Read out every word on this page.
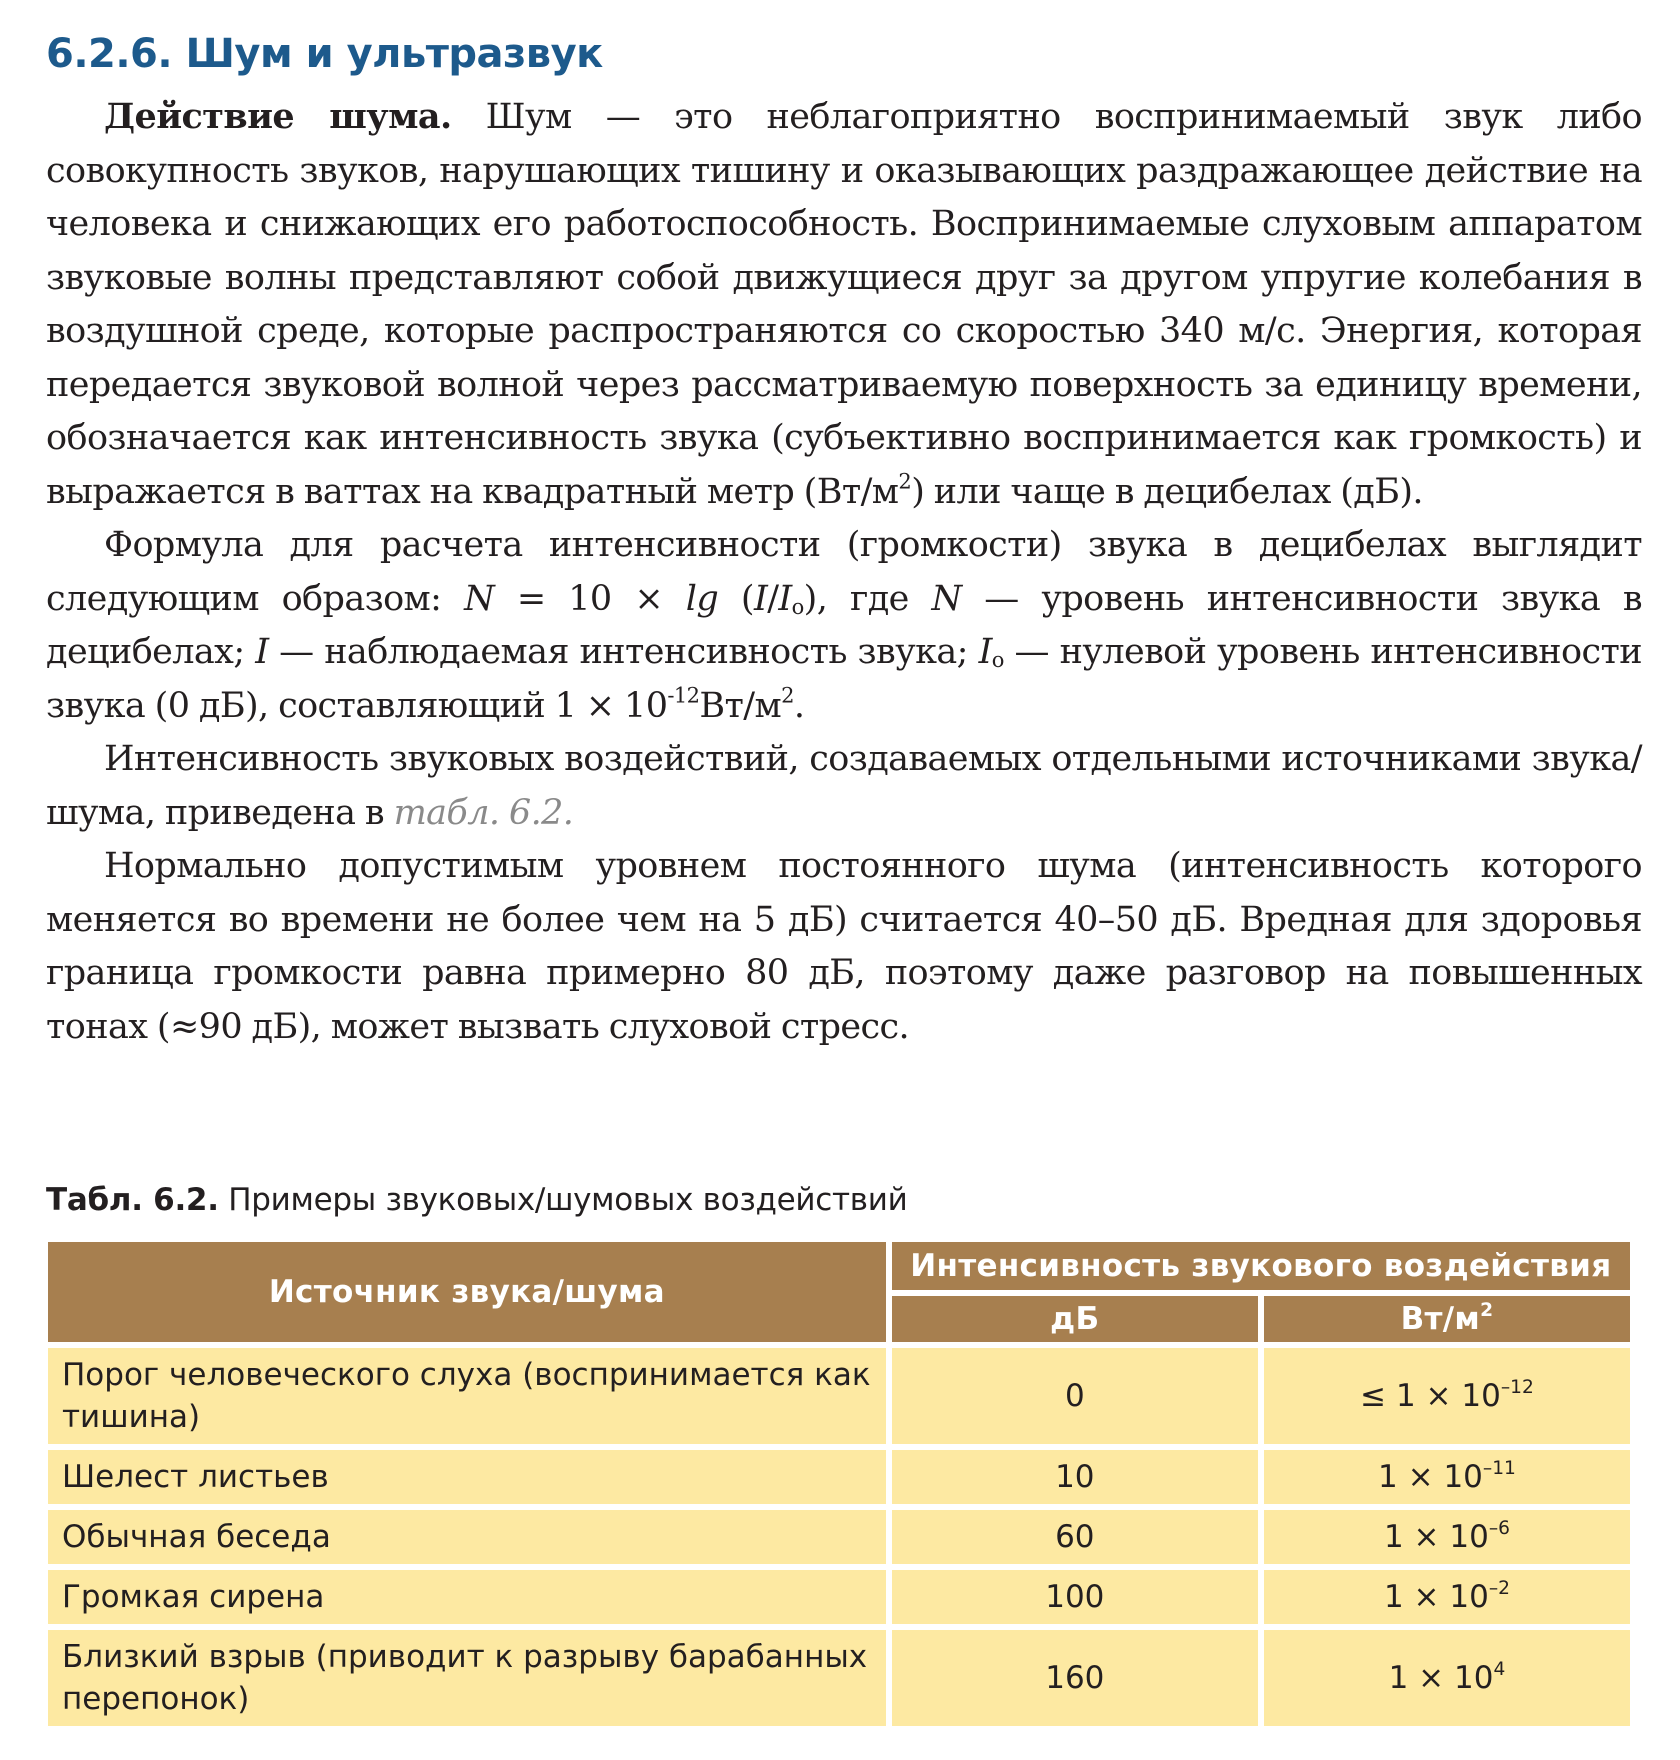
6.2.6. Шум и ультразвук

Действие шума. Шум — это неблагоприятно воспринимаемый звук либо совокупность звуков, нарушающих тишину и оказывающих раздражающее действие на человека и снижающих его работоспособность. Воспринимаемые слуховым аппаратом звуковые волны представляют собой движущиеся друг за другом упругие колебания в воздушной среде, которые распространяются со скоростью 340 м/с. Энергия, которая передается звуковой волной через рассматриваемую поверхность за единицу времени, обозначается как интенсивность звука (субъективно воспринимается как громкость) и выражается в ваттах на квадратный метр $(Вт/м^2)$ или чаще в децибелах (дБ).

Формула для расчета интенсивности (громкости) звука в децибелах выглядит следующим образом: $N = 10 \times \lg (I/I_o)$, где N — уровень интенсивности звука в децибелах; I — наблюдаемая интенсивность звука; $I_o$ — нулевой уровень интенсивности звука (0 дБ), составляющий $1 \times 10^{-12}Вт/м^2$.

Интенсивность звуковых воздействий, создаваемых отдельными источниками звука/шума, приведена в табл. 6.2.

Нормально допустимым уровнем постоянного шума (интенсивность которого меняется во времени не более чем на 5 дБ) считается 40–50 дБ. Вредная для здоровья граница громкости равна примерно 80 дБ, поэтому даже разговор на повышенных тонах (≈90 дБ), может вызвать слуховой стресс.

Табл. 6.2. Примеры звуковых/шумовых воздействий
Источник звука/шума	Интенсивность звукового воздействия	
	дБ	$Вт/м^2$
Порог человеческого слуха (воспринимается как тишина)	0	≤ $1 \times 10^{-12}$
Шелест листьев	10	$1 \times 10^{-11}$
Обычная беседа	60	$1 \times 10^{-6}$
Громкая сирена	100	$1 \times 10^{-2}$
Близкий взрыв (приводит к разрыву барабанных перепонок)	160	$1 \times 10^4$
